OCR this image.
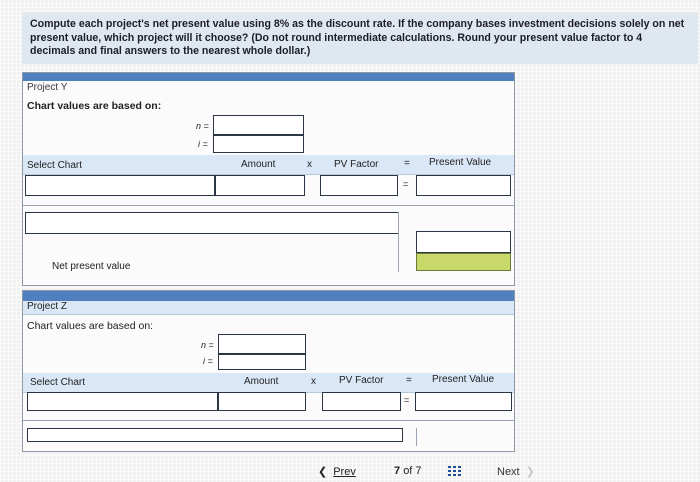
Compute each project's net present value using 8% as the discount rate. If the company bases investment decisions solely on net present value, which project will it choose? (Do not round intermediate calculations. Round your present value factor to 4 decimals and final answers to the nearest whole dollar.)
Project Y
Chart values are based on:
n =
i =
Select Chart	Amount	x PV Factor	= Present Value
=
Net present value
Project Z
Chart values are based on:
n =
i =
Select Chart	Amount	x PV Factor = Present Value
=
❮ Prev	7 of 7	Next ❯
